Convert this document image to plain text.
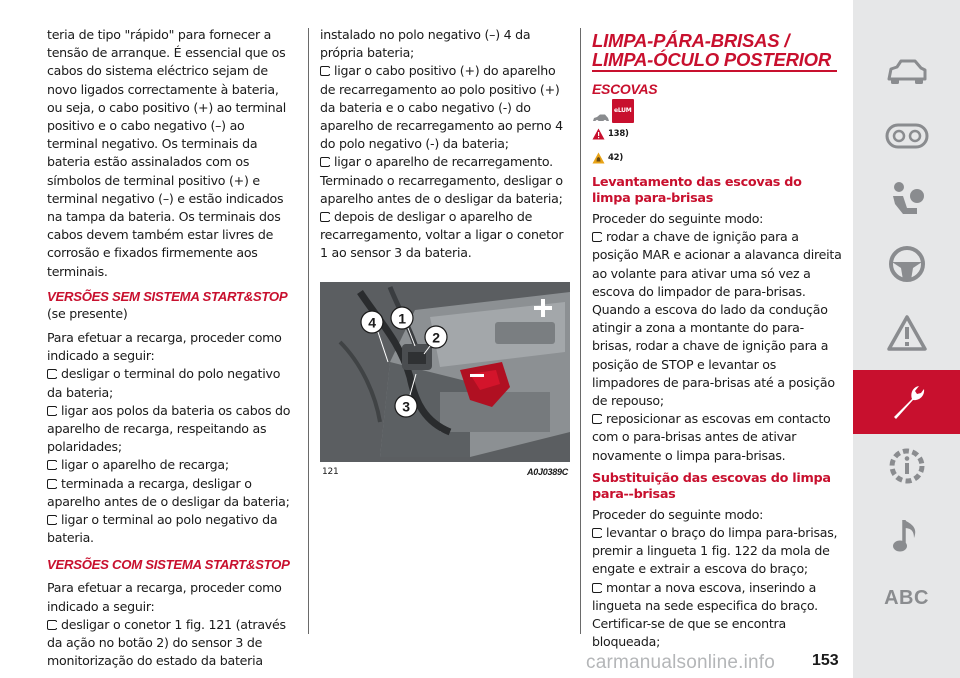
teria de tipo "rápido" para fornecer a tensão de arranque. É essencial que os cabos do sistema eléctrico sejam de novo ligados correctamente à bateria, ou seja, o cabo positivo (+) ao terminal positivo e o cabo negativo (–) ao terminal negativo. Os terminais da bateria estão assinalados com os símbolos de terminal positivo (+) e terminal negativo (–) e estão indicados na tampa da bateria. Os terminais dos cabos devem também estar livres de corrosão e fixados firmemente aos terminais.

VERSÕES SEM SISTEMA START&STOP

(se presente)

Para efetuar a recarga, proceder como indicado a seguir:

desligar o terminal do polo negativo da bateria;

ligar aos polos da bateria os cabos do aparelho de recarga, respeitando as polaridades;

ligar o aparelho de recarga;

terminada a recarga, desligar o aparelho antes de o desligar da bateria;

ligar o terminal ao polo negativo da bateria.

VERSÕES COM SISTEMA START&STOP

Para efetuar a recarga, proceder como indicado a seguir:

desligar o conetor 1 fig. 121 (através da ação no botão 2) do sensor 3 de monitorização do estado da bateria

instalado no polo negativo (–) 4 da própria bateria;

ligar o cabo positivo (+) do aparelho de recarregamento ao polo positivo (+) da bateria e o cabo negativo (-) do aparelho de recarregamento ao perno 4 do polo negativo (-) da bateria;

ligar o aparelho de recarregamento. Terminado o recarregamento, desligar o aparelho antes de o desligar da bateria;

depois de desligar o aparelho de recarregamento, voltar a ligar o conetor 1 ao sensor 3 da bateria.

4 1
2
3
121	A0J0389C

LIMPA-PÁRA-BRISAS /

LIMPA-ÓCULO POSTERIOR

ESCOVAS

eLUM
138)
42)

Levantamento das escovas do limpa para-brisas

Proceder do seguinte modo:

rodar a chave de ignição para a posição MAR e acionar a alavanca direita ao volante para ativar uma só vez a escova do limpador de para-brisas. Quando a escova do lado da condução atingir a zona a montante do para-brisas, rodar a chave de ignição para a posição de STOP e levantar os limpadores de para-brisas até a posição de repouso;

reposicionar as escovas em contacto com o para-brisas antes de ativar novamente o limpa para-brisas.

Substituição das escovas do limpa para--brisas

Proceder do seguinte modo:

levantar o braço do limpa para-brisas, premir a lingueta 1 fig. 122 da mola de engate e extrair a escova do braço;

montar a nova escova, inserindo a lingueta na sede especifica do braço. Certificar-se de que se encontra bloqueada;

ABC
carmanualsonline.info 153
